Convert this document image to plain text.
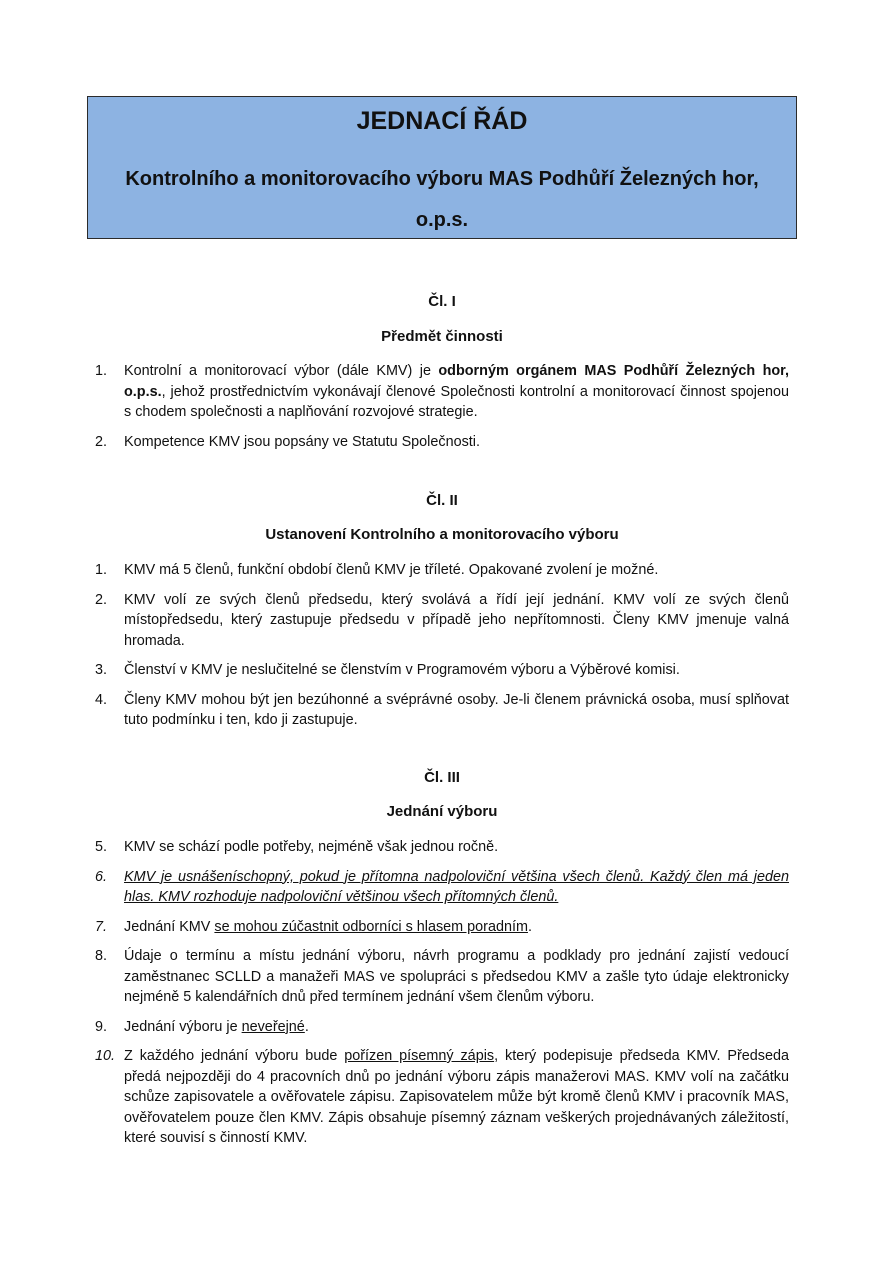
JEDNACÍ ŘÁD
Kontrolního a monitorovacího výboru MAS Podhůří Železných hor,
o.p.s.
Čl. I
Předmět činnosti
1. Kontrolní a monitorovací výbor (dále KMV) je odborným orgánem MAS Podhůří Železných hor, o.p.s., jehož prostřednictvím vykonávají členové Společnosti kontrolní a monitorovací činnost spojenou s chodem společnosti a naplňování rozvojové strategie.
2. Kompetence KMV jsou popsány ve Statutu Společnosti.
Čl. II
Ustanovení Kontrolního a monitorovacího výboru
1. KMV má 5 členů, funkční období členů KMV je tříleté. Opakované zvolení je možné.
2. KMV volí ze svých členů předsedu, který svolává a řídí její jednání. KMV volí ze svých členů místopředsedu, který zastupuje předsedu v případě jeho nepřítomnosti. Členy KMV jmenuje valná hromada.
3. Členství v KMV je neslučitelné se členstvím v Programovém výboru a Výběrové komisi.
4. Členy KMV mohou být jen bezúhonné a svéprávné osoby. Je-li členem právnická osoba, musí splňovat tuto podmínku i ten, kdo ji zastupuje.
Čl. III
Jednání výboru
5. KMV se schází podle potřeby, nejméně však jednou ročně.
6. KMV je usnášeníschopný, pokud je přítomna nadpoloviční většina všech členů. Každý člen má jeden hlas. KMV rozhoduje nadpoloviční většinou všech přítomných členů.
7. Jednání KMV se mohou zúčastnit odborníci s hlasem poradním.
8. Údaje o termínu a místu jednání výboru, návrh programu a podklady pro jednání zajistí vedoucí zaměstnanec SCLLD a manažeři MAS ve spolupráci s předsedou KMV a zašle tyto údaje elektronicky nejméně 5 kalendářních dnů před termínem jednání všem členům výboru.
9. Jednání výboru je neveřejné.
10. Z každého jednání výboru bude pořízen písemný zápis, který podepisuje předseda KMV. Předseda předá nejpozději do 4 pracovních dnů po jednání výboru zápis manažerovi MAS. KMV volí na začátku schůze zapisovatele a ověřovatele zápisu. Zapisovatelem může být kromě členů KMV i pracovník MAS, ověřovatelem pouze člen KMV. Zápis obsahuje písemný záznam veškerých projednávaných záležitostí, které souvisí s činností KMV.
